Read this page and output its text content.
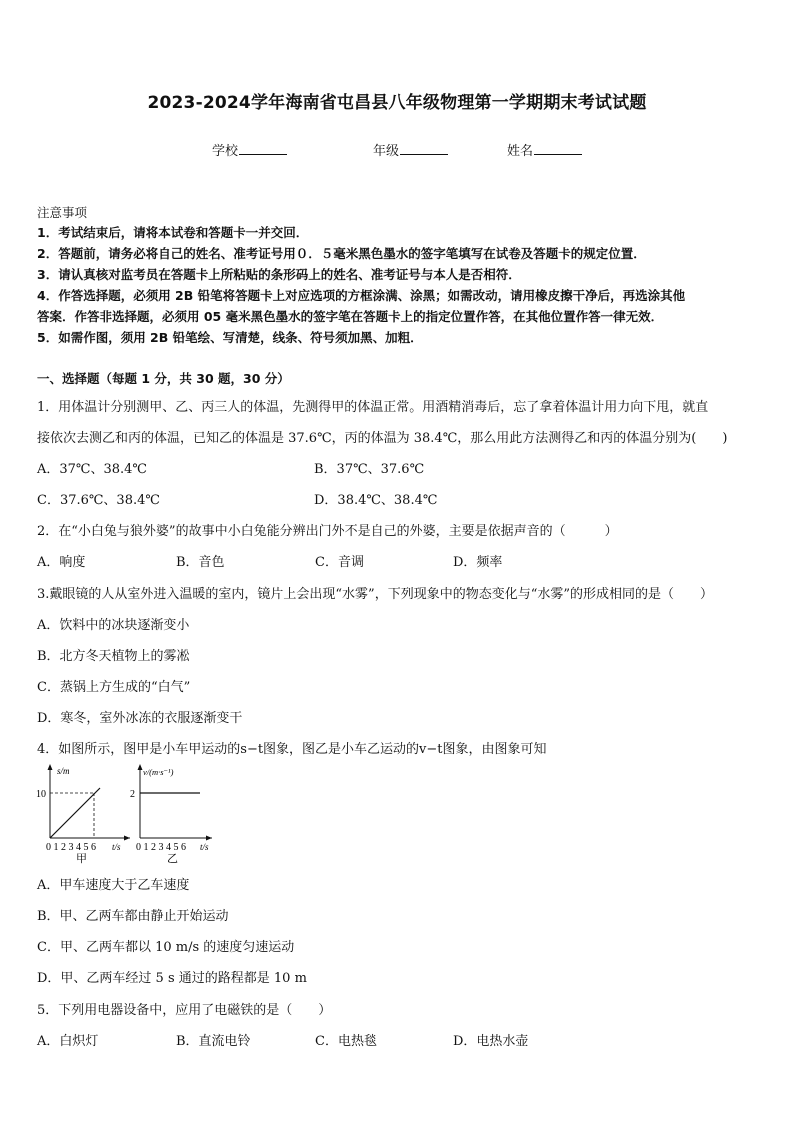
2023-2024学年海南省屯昌县八年级物理第一学期期末考试试题
学校	年级	姓名
注意事项
1．考试结束后，请将本试卷和答题卡一并交回．
2．答题前，请务必将自己的姓名、准考证号用０．５毫米黑色墨水的签字笔填写在试卷及答题卡的规定位置．
3．请认真核对监考员在答题卡上所粘贴的条形码上的姓名、准考证号与本人是否相符．
4．作答选择题，必须用 2B 铅笔将答题卡上对应选项的方框涂满、涂黑；如需改动，请用橡皮擦干净后，再选涂其他
答案．作答非选择题，必须用 05 毫米黑色墨水的签字笔在答题卡上的指定位置作答，在其他位置作答一律无效．
5．如需作图，须用 2B 铅笔绘、写清楚，线条、符号须加黑、加粗．
一、选择题（每题 1 分，共 30 题，30 分）
1．用体温计分别测甲、乙、丙三人的体温，先测得甲的体温正常。用酒精消毒后，忘了拿着体温计用力向下甩，就直
接依次去测乙和丙的体温，已知乙的体温是 37.6℃，丙的体温为 38.4℃，那么用此方法测得乙和丙的体温分别为(　　)
A．37℃、38.4℃	B．37℃、37.6℃
C．37.6℃、38.4℃	D．38.4℃、38.4℃
2．在“小白兔与狼外婆”的故事中小白兔能分辨出门外不是自己的外婆，主要是依据声音的（　　　）
A．响度	B．音色	C．音调	D．频率
3.戴眼镜的人从室外进入温暖的室内，镜片上会出现“水雾”，下列现象中的物态变化与“水雾”的形成相同的是（　　）
A．饮料中的冰块逐渐变小
B．北方冬天植物上的雾凇
C．蒸锅上方生成的“白气”
D．寒冬，室外冰冻的衣服逐渐变干
4．如图所示，图甲是小车甲运动的s−t图象，图乙是小车乙运动的v−t图象，由图象可知
s/m
10
0 1 2 3 4 5 6 t/s
甲
v/(m·s⁻¹)
2
0 1 2 3 4 5 6 t/s
乙
A．甲车速度大于乙车速度
B．甲、乙两车都由静止开始运动
C．甲、乙两车都以 10 m/s 的速度匀速运动
D．甲、乙两车经过 5 s 通过的路程都是 10 m
5．下列用电器设备中，应用了电磁铁的是（　　）
A．白炽灯	B．直流电铃	C．电热毯	D．电热水壶
